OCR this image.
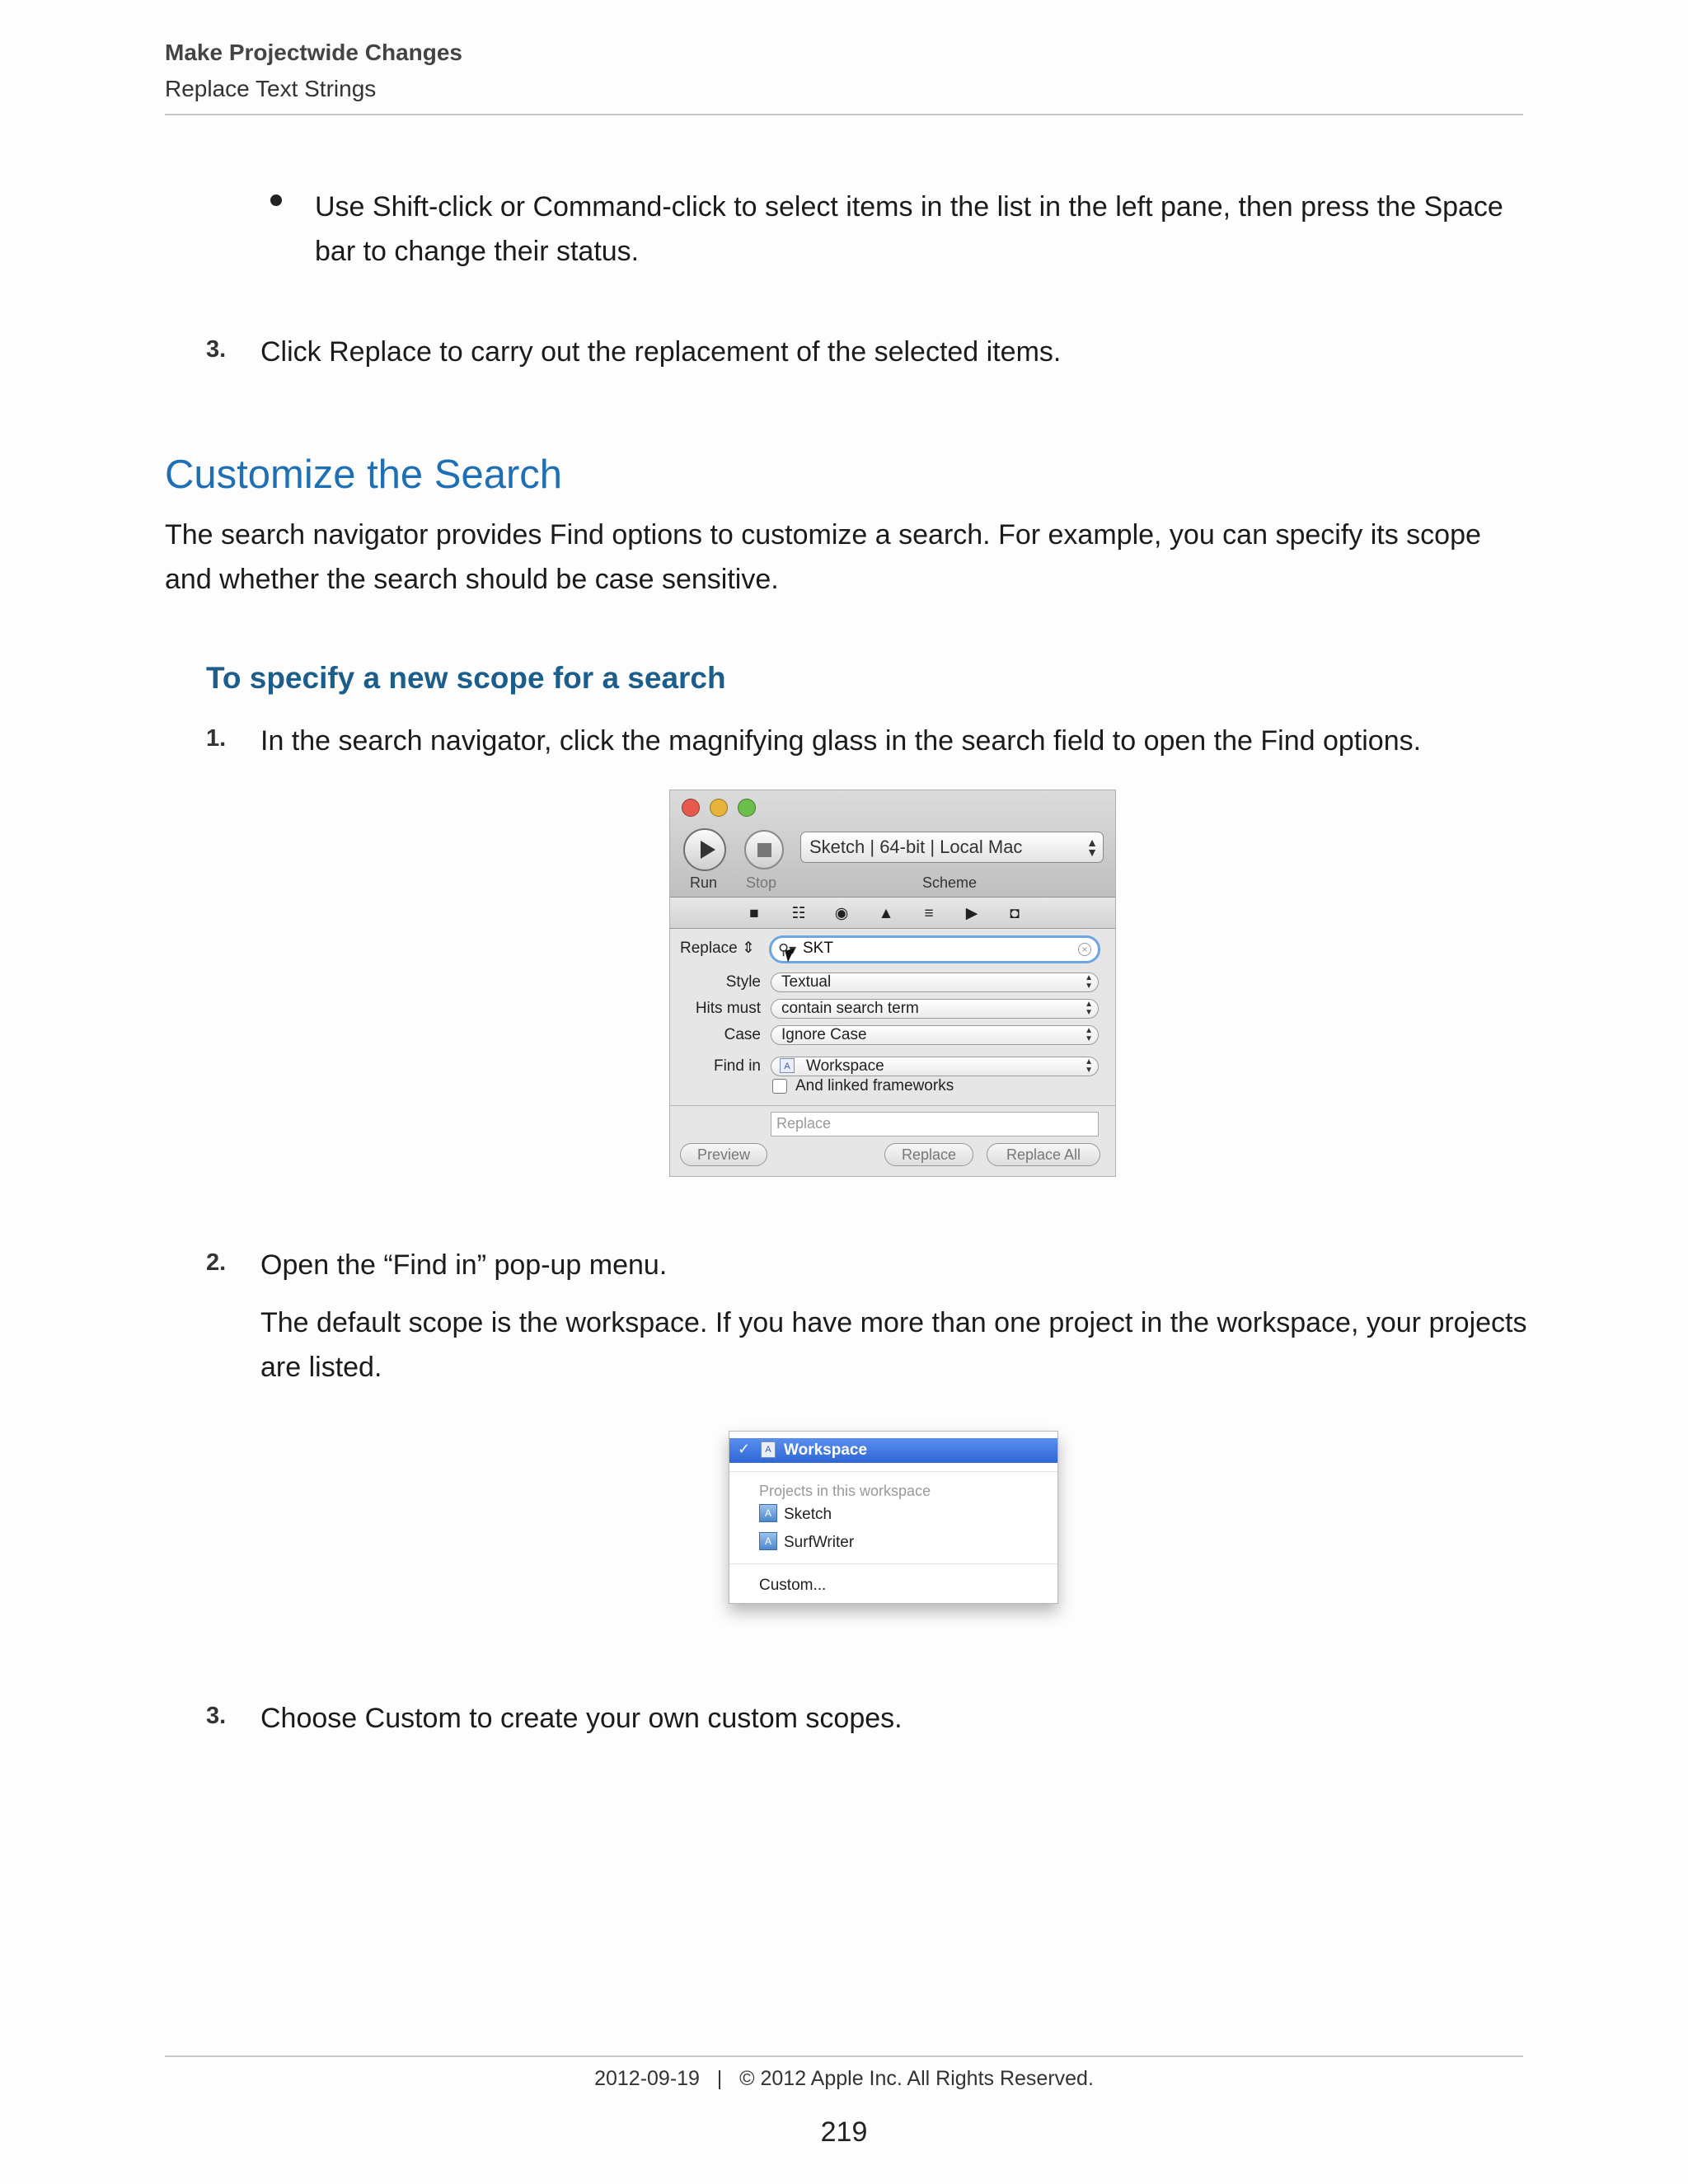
Make Projectwide Changes
Replace Text Strings
Use Shift-click or Command-click to select items in the list in the left pane, then press the Space bar to change their status.
3. Click Replace to carry out the replacement of the selected items.
Customize the Search
The search navigator provides Find options to customize a search. For example, you can specify its scope and whether the search should be case sensitive.
To specify a new scope for a search
1. In the search navigator, click the magnifying glass in the search field to open the Find options.
Sketch | 64-bit | Local Mac	▲
▼
Run Stop	Scheme
■ ☷ ◉ ▲ ≡ ▶ ◘
Replace ⇕ ⚲▾ SKT	×
Style Textual	▲
▼
Hits must contain search term	▲
▼
Case Ignore Case	▲
▼
Find in	A Workspace	▲
▼
And linked frameworks
Replace
Preview	Replace	Replace All
2. Open the “Find in” pop-up menu.
The default scope is the workspace. If you have more than one project in the workspace, your projects are listed.
✓	A Workspace
Projects in this workspace
A Sketch
A SurfWriter
Custom...
3. Choose Custom to create your own custom scopes.
2012-09-19   |   © 2012 Apple Inc. All Rights Reserved.
219
